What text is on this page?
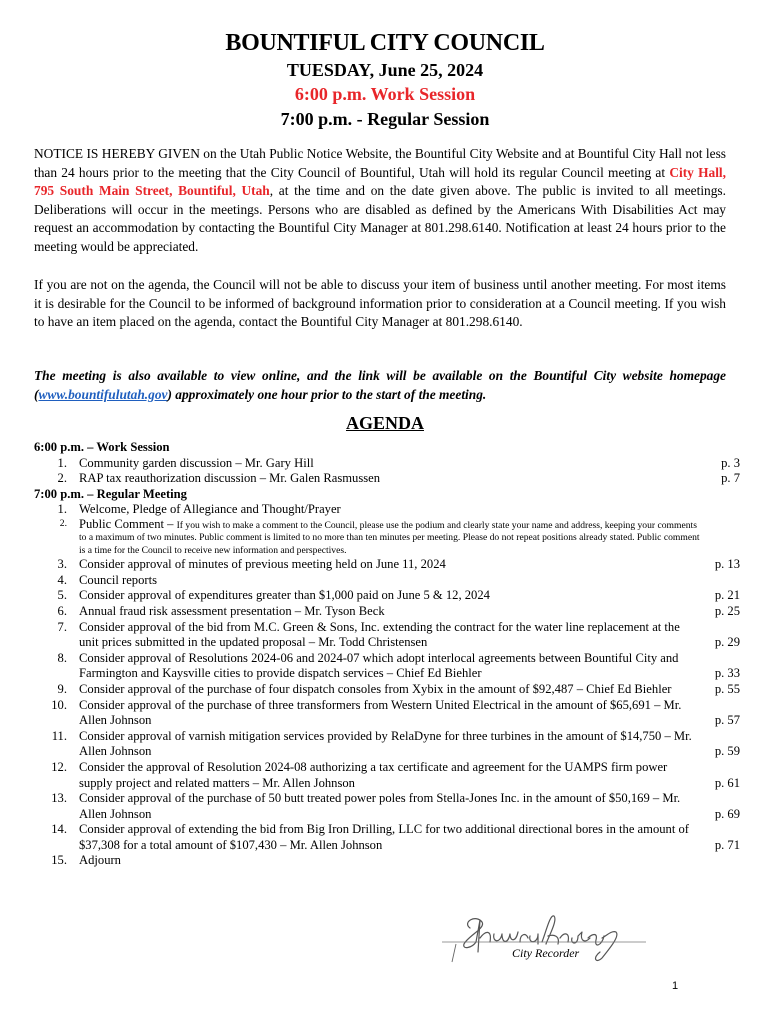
BOUNTIFUL CITY COUNCIL
TUESDAY, June 25, 2024
6:00 p.m. Work Session
7:00 p.m. - Regular Session

NOTICE IS HEREBY GIVEN on the Utah Public Notice Website, the Bountiful City Website and at Bountiful City Hall not less than 24 hours prior to the meeting that the City Council of Bountiful, Utah will hold its regular Council meeting at City Hall, 795 South Main Street, Bountiful, Utah, at the time and on the date given above. The public is invited to all meetings. Deliberations will occur in the meetings. Persons who are disabled as defined by the Americans With Disabilities Act may request an accommodation by contacting the Bountiful City Manager at 801.298.6140. Notification at least 24 hours prior to the meeting would be appreciated.

If you are not on the agenda, the Council will not be able to discuss your item of business until another meeting. For most items it is desirable for the Council to be informed of background information prior to consideration at a Council meeting. If you wish to have an item placed on the agenda, contact the Bountiful City Manager at 801.298.6140.

The meeting is also available to view online, and the link will be available on the Bountiful City website homepage (www.bountifulutah.gov) approximately one hour prior to the start of the meeting.

AGENDA
6:00 p.m. – Work Session
1. Community garden discussion – Mr. Gary Hill	p. 3
2. RAP tax reauthorization discussion – Mr. Galen Rasmussen	p. 7
7:00 p.m. – Regular Meeting
1. Welcome, Pledge of Allegiance and Thought/Prayer
2. Public Comment – If you wish to make a comment to the Council, please use the podium and clearly state your name and address, keeping your comments to a maximum of two minutes. Public comment is limited to no more than ten minutes per meeting. Please do not repeat positions already stated. Public comment is a time for the Council to receive new information and perspectives.
3. Consider approval of minutes of previous meeting held on June 11, 2024	p. 13
4. Council reports
5. Consider approval of expenditures greater than $1,000 paid on June 5 & 12, 2024	p. 21
6. Annual fraud risk assessment presentation – Mr. Tyson Beck	p. 25
7. Consider approval of the bid from M.C. Green & Sons, Inc. extending the contract for the water line replacement at the unit prices submitted in the updated proposal – Mr. Todd Christensen	p. 29
8. Consider approval of Resolutions 2024-06 and 2024-07 which adopt interlocal agreements between Bountiful City and Farmington and Kaysville cities to provide dispatch services – Chief Ed Biehler	p. 33
9. Consider approval of the purchase of four dispatch consoles from Xybix in the amount of $92,487 – Chief Ed Biehler	p. 55
10. Consider approval of the purchase of three transformers from Western United Electrical in the amount of $65,691 – Mr. Allen Johnson	p. 57
11. Consider approval of varnish mitigation services provided by RelaDyne for three turbines in the amount of $14,750 – Mr. Allen Johnson	p. 59
12. Consider the approval of Resolution 2024-08 authorizing a tax certificate and agreement for the UAMPS firm power supply project and related matters – Mr. Allen Johnson	p. 61
13. Consider approval of the purchase of 50 butt treated power poles from Stella-Jones Inc. in the amount of $50,169 – Mr. Allen Johnson	p. 69
14. Consider approval of extending the bid from Big Iron Drilling, LLC for two additional directional bores in the amount of $37,308 for a total amount of $107,430 – Mr. Allen Johnson	p. 71
15. Adjourn
City Recorder
1
